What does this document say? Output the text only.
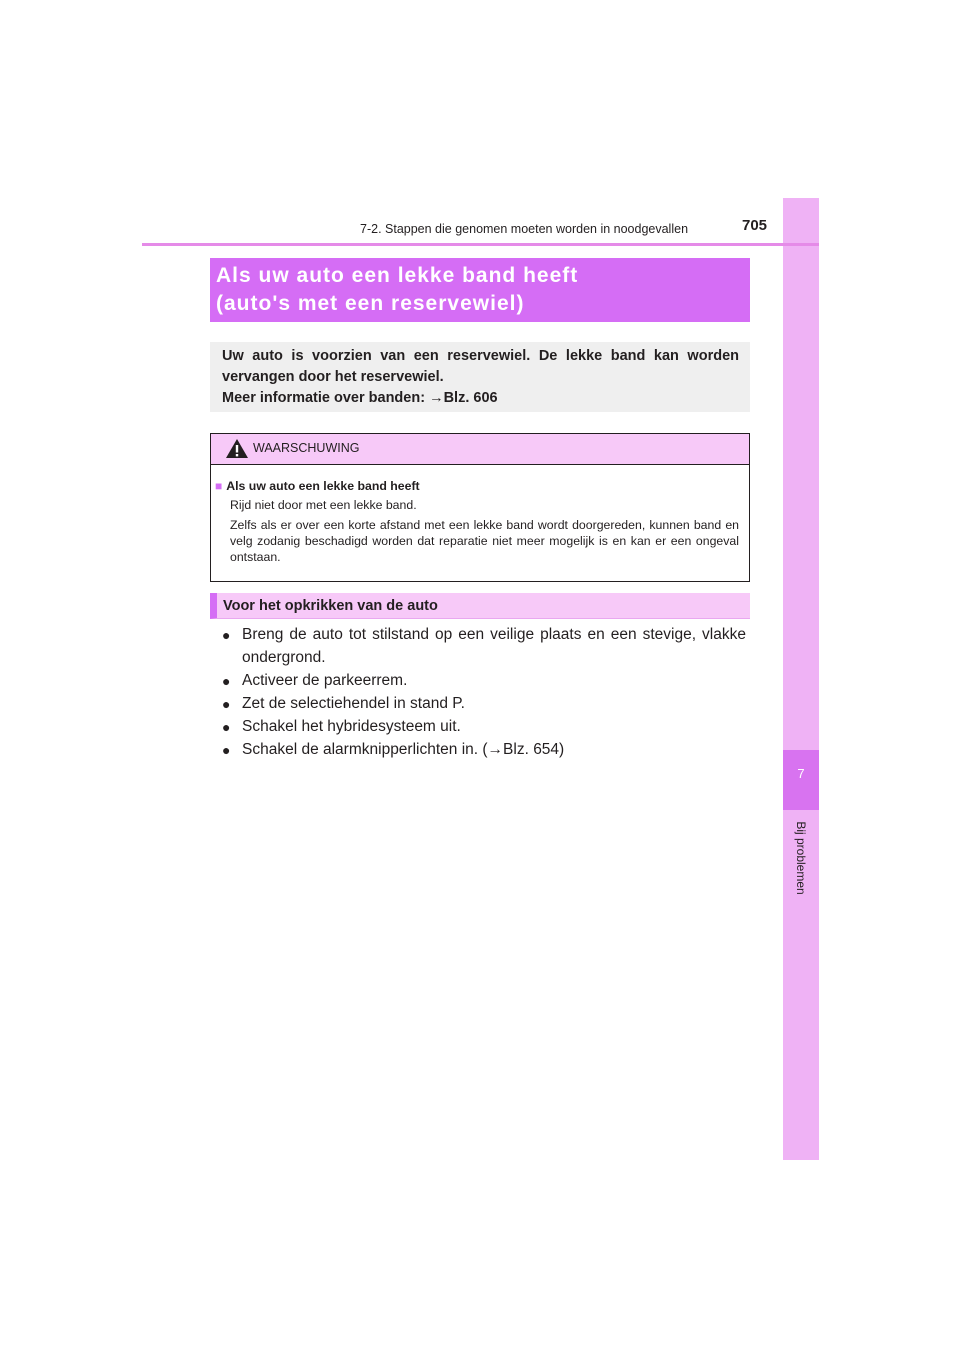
7
Bij problemen
7-2. Stappen die genomen moeten worden in noodgevallen	705
Als uw auto een lekke band heeft
(auto's met een reservewiel)
Uw auto is voorzien van een reservewiel. De lekke band kan worden
vervangen door het reservewiel.
Meer informatie over banden: →Blz. 606
WAARSCHUWING
■ Als uw auto een lekke band heeft
Rijd niet door met een lekke band.
Zelfs als er over een korte afstand met een lekke band wordt doorgereden, kunnen band en velg zodanig beschadigd worden dat reparatie niet meer mogelijk is en kan er een ongeval ontstaan.
Voor het opkrikken van de auto
● Breng de auto tot stilstand op een veilige plaats en een stevige, vlakke
ondergrond.
● Activeer de parkeerrem.
● Zet de selectiehendel in stand P.
● Schakel het hybridesysteem uit.
● Schakel de alarmknipperlichten in. (→Blz. 654)
